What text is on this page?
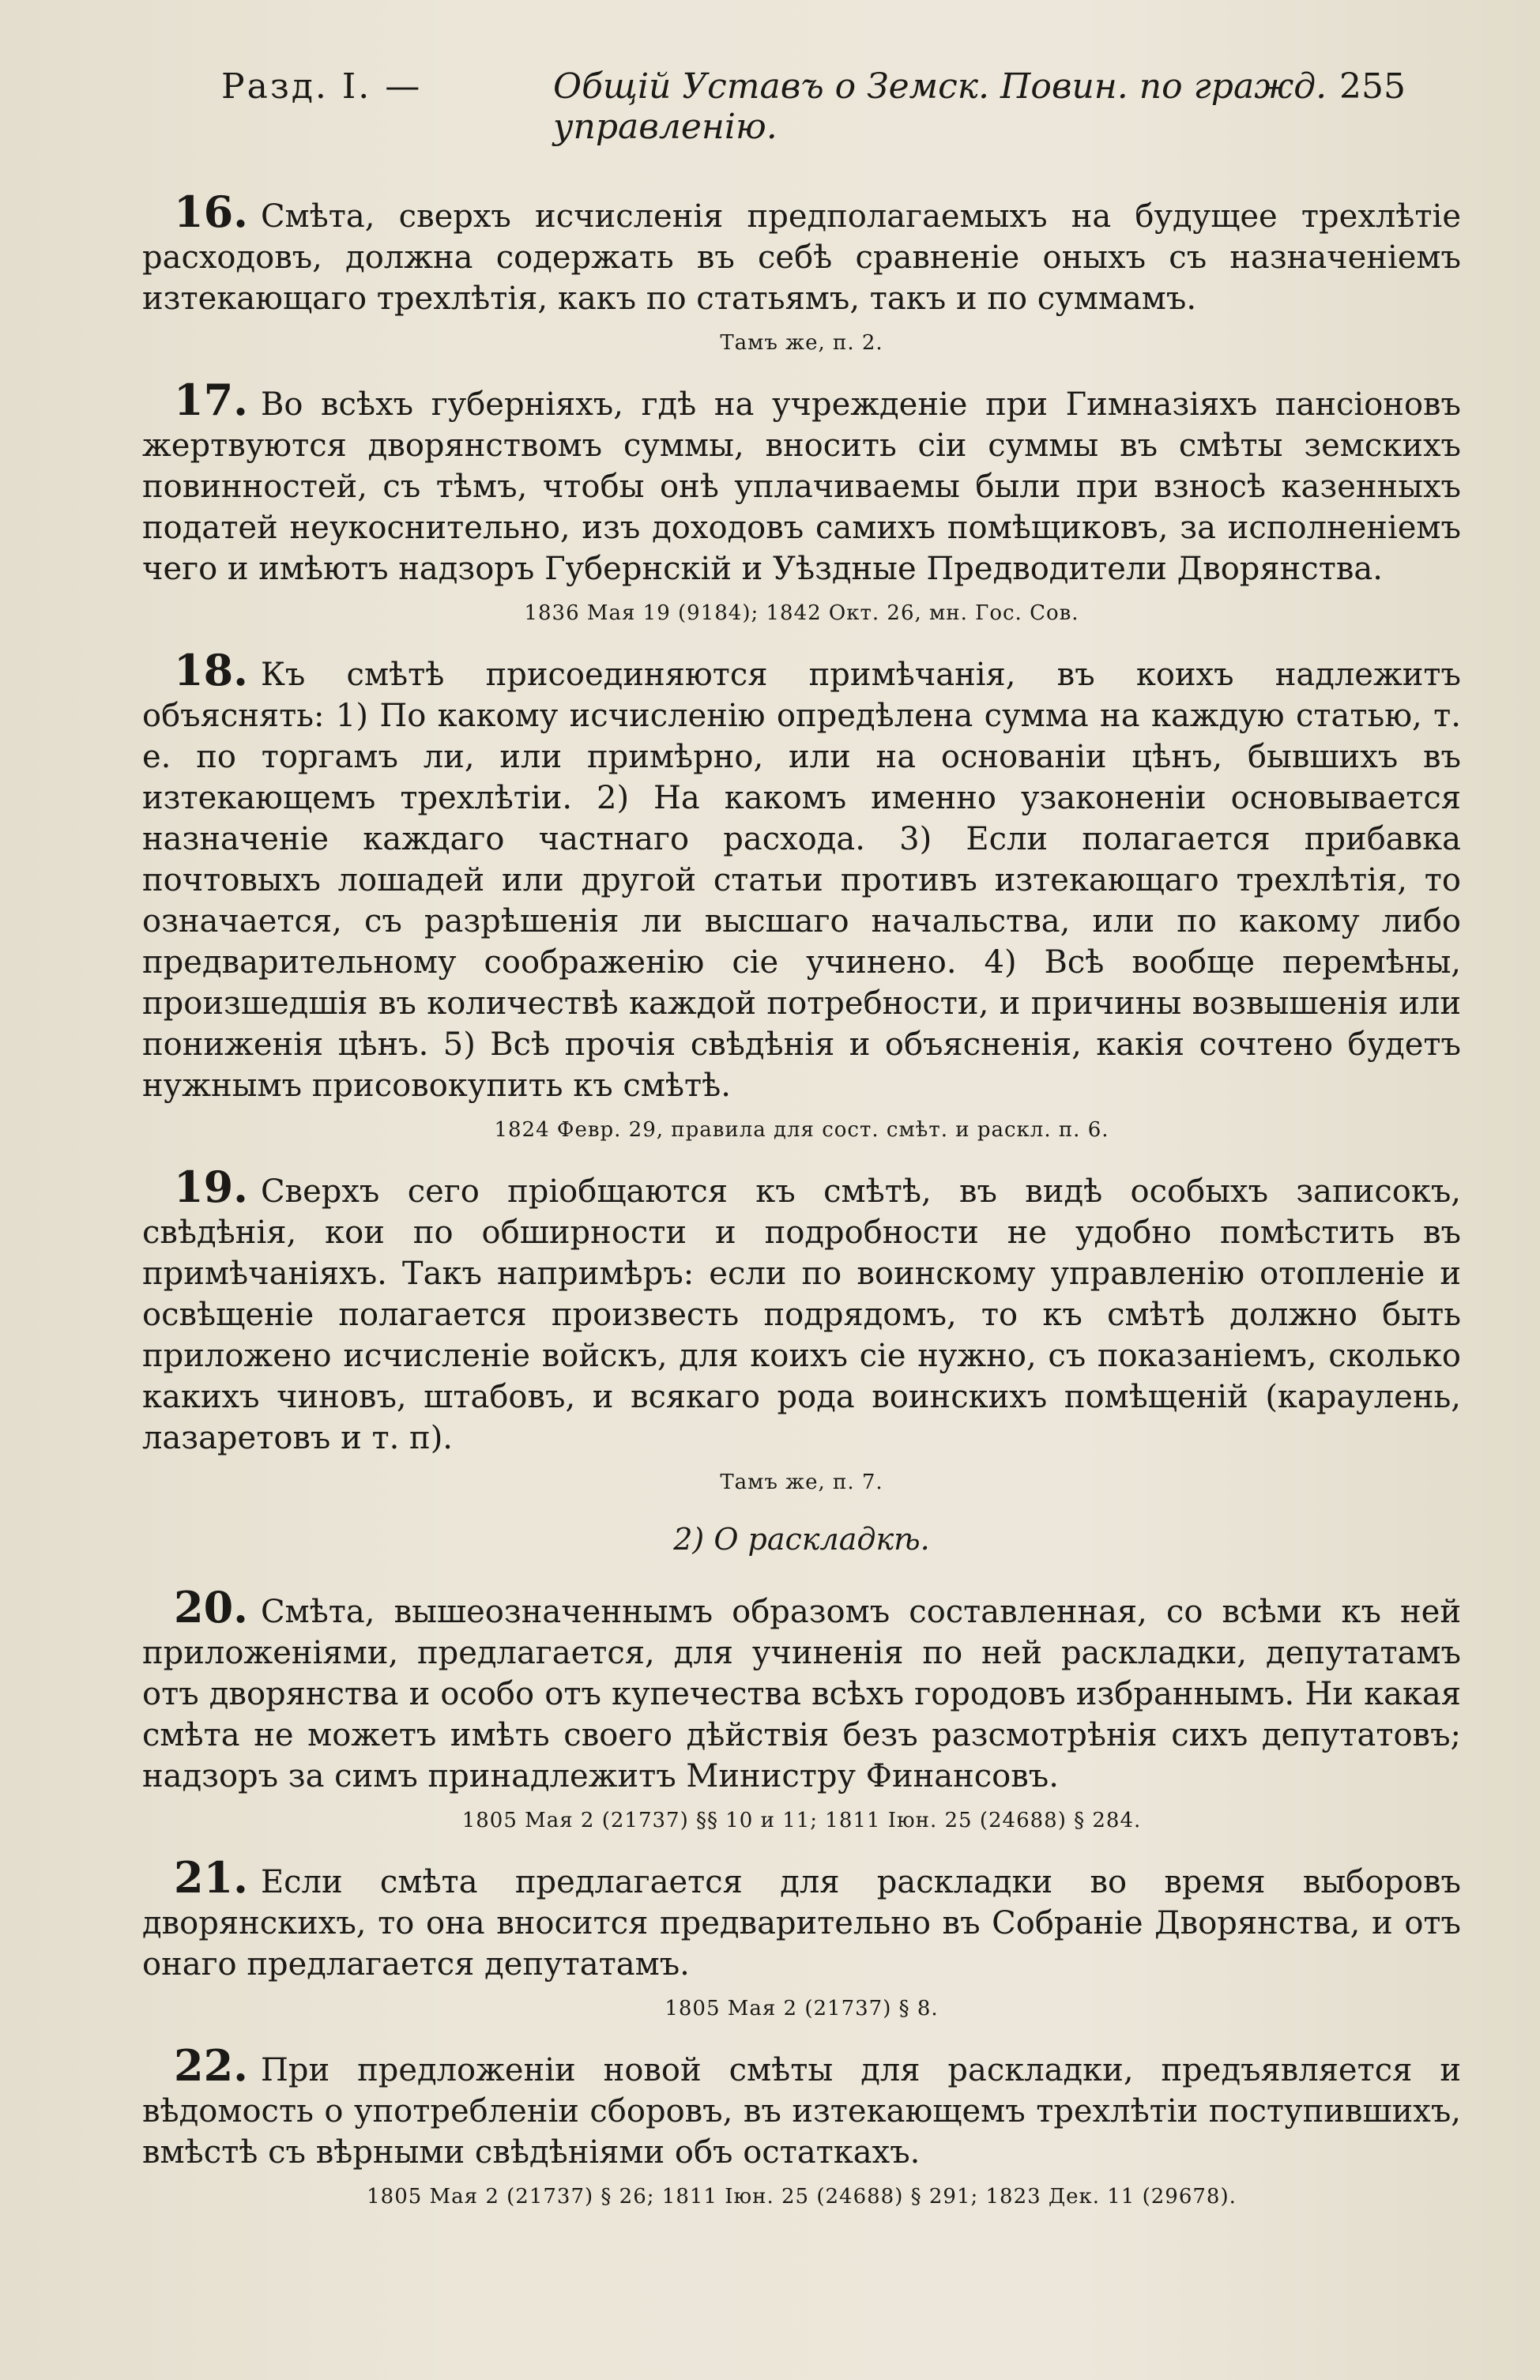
Разд. I. —	Общій Уставъ о Земск. Повин. по гражд. управленію.
255

16. Смѣта, сверхъ исчисленія предполагаемыхъ на будущее трехлѣтіе расходовъ, должна содержать въ себѣ сравненіе оныхъ съ назначеніемъ изтекающаго трехлѣтія, какъ по статьямъ, такъ и по суммамъ.

Тамъ же, п. 2.

17. Во всѣхъ губерніяхъ, гдѣ на учрежденіе при Гимназіяхъ пансіоновъ жертвуются дворянствомъ суммы, вносить сіи суммы въ смѣты земскихъ повинностей, съ тѣмъ, чтобы онѣ уплачиваемы были при взносѣ казенныхъ податей неукоснительно, изъ доходовъ самихъ помѣщиковъ, за исполненіемъ чего и имѣютъ надзоръ Губернскій и Уѣздные Предводители Дворянства.

1836 Мая 19 (9184); 1842 Окт. 26, мн. Гос. Сов.

18. Къ смѣтѣ присоединяются примѣчанія, въ коихъ надлежитъ объяснять: 1) По какому исчисленію опредѣлена сумма на каждую статью, т. е. по торгамъ ли, или примѣрно, или на основаніи цѣнъ, бывшихъ въ изтекающемъ трехлѣтіи. 2) На какомъ именно узаконеніи основывается назначеніе каждаго частнаго расхода. 3) Если полагается прибавка почтовыхъ лошадей или другой статьи противъ изтекающаго трехлѣтія, то означается, съ разрѣшенія ли высшаго начальства, или по какому либо предварительному соображенію сіе учинено. 4) Всѣ вообще перемѣны, произшедшія въ количествѣ каждой потребности, и причины возвышенія или пониженія цѣнъ. 5) Всѣ прочія свѣдѣнія и объясненія, какія сочтено будетъ нужнымъ присовокупить къ смѣтѣ.

1824 Февр. 29, правила для сост. смѣт. и раскл. п. 6.

19. Сверхъ сего пріобщаются къ смѣтѣ, въ видѣ особыхъ записокъ, свѣдѣнія, кои по обширности и подробности не удобно помѣстить въ примѣчаніяхъ. Такъ напримѣръ: если по воинскому управленію отопленіе и освѣщеніе полагается произвесть подрядомъ, то къ смѣтѣ должно быть приложено исчисленіе войскъ, для коихъ сіе нужно, съ показаніемъ, сколько какихъ чиновъ, штабовъ, и всякаго рода воинскихъ помѣщеній (караулень, лазаретовъ и т. п).

Тамъ же, п. 7.
2) О раскладкѣ.

20. Смѣта, вышеозначеннымъ образомъ составленная, со всѣми къ ней приложеніями, предлагается, для учиненія по ней раскладки, депутатамъ отъ дворянства и особо отъ купечества всѣхъ городовъ избраннымъ. Ни какая смѣта не можетъ имѣть своего дѣйствія безъ разсмотрѣнія сихъ депутатовъ; надзоръ за симъ принадлежитъ Министру Финансовъ.

1805 Мая 2 (21737) §§ 10 и 11; 1811 Іюн. 25 (24688) § 284.

21. Если смѣта предлагается для раскладки во время выборовъ дворянскихъ, то она вносится предварительно въ Собраніе Дворянства, и отъ онаго предлагается депутатамъ.

1805 Мая 2 (21737) § 8.

22. При предложеніи новой смѣты для раскладки, предъявляется и вѣдомость о употребленіи сборовъ, въ изтекающемъ трехлѣтіи поступившихъ, вмѣстѣ съ вѣрными свѣдѣніями объ остаткахъ.

1805 Мая 2 (21737) § 26; 1811 Іюн. 25 (24688) § 291; 1823 Дек. 11 (29678).
